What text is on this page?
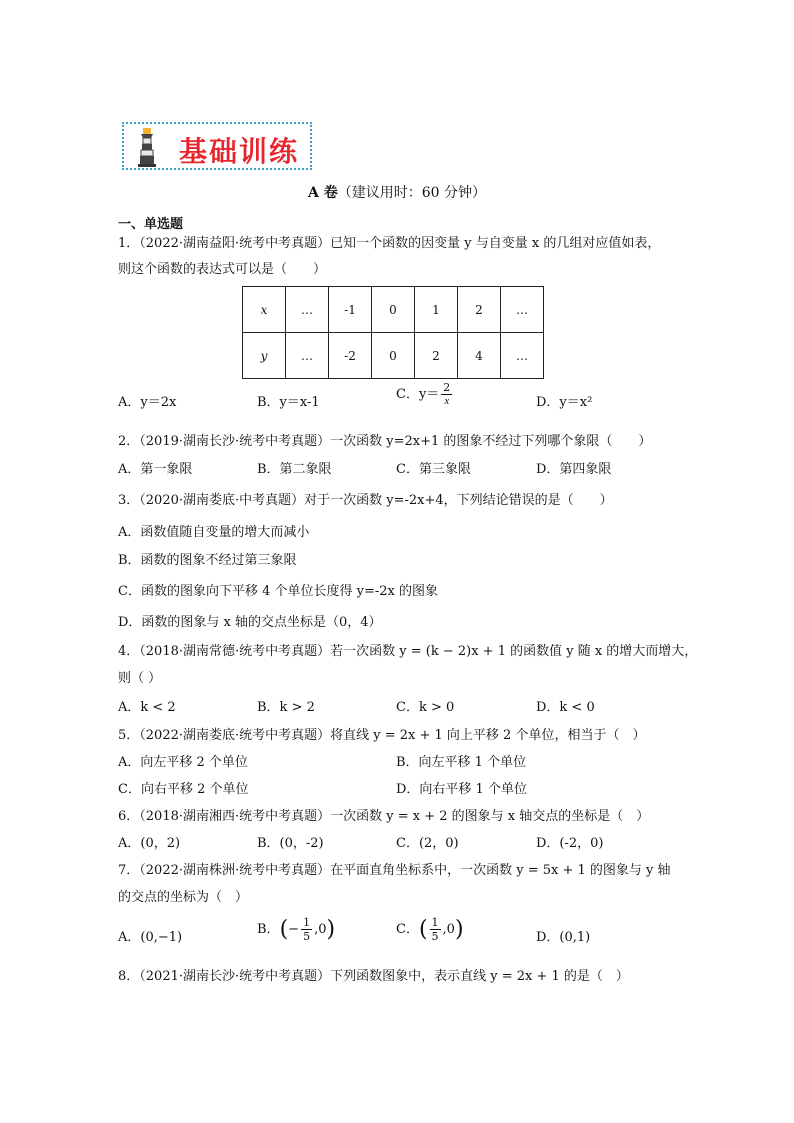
基础训练
A 卷（建议用时：60 分钟）
一、单选题
1．（2022·湖南益阳·统考中考真题）已知一个函数的因变量 y 与自变量 x 的几组对应值如表，
则这个函数的表达式可以是（　　）
x	…	-1	0	1	2	…
y	…	-2	0	2	4	…
A．y＝2x	B．y＝x-1
C．$y= \frac{2}{x}$	D．y＝x²
2．（2019·湖南长沙·统考中考真题）一次函数 y=2x+1 的图象不经过下列哪个象限（　　）
A．第一象限	B．第二象限	C．第三象限	D．第四象限
3．（2020·湖南娄底·中考真题）对于一次函数 y=-2x+4，下列结论错误的是（　　）
A．函数值随自变量的增大而减小
B．函数的图象不经过第三象限
C．函数的图象向下平移 4 个单位长度得 y=-2x 的图象
D．函数的图象与 x 轴的交点坐标是（0，4）
4．（2018·湖南常德·统考中考真题）若一次函数 y = (k − 2)x + 1 的函数值 y 随 x 的增大而增大，
则（ ）
A．k < 2	B．k > 2	C．k > 0	D．k < 0
5．（2022·湖南娄底·统考中考真题）将直线 y = 2x + 1 向上平移 2 个单位，相当于（　）
A．向左平移 2 个单位	B．向左平移 1 个单位
C．向右平移 2 个单位	D．向右平移 1 个单位
6．（2018·湖南湘西·统考中考真题）一次函数 y = x + 2 的图象与 x 轴交点的坐标是（　）
A．(0，2)	B．(0，-2)	C．(2，0)	D．(-2，0)
7．（2022·湖南株洲·统考中考真题）在平面直角坐标系中，一次函数 y = 5x + 1 的图象与 y 轴
的交点的坐标为（　）
A．(0,−1)
B．(− $\frac{1}{5} ,0$)	C．( $\frac{1}{5} ,0$)	D．(0,1)
8．（2021·湖南长沙·统考中考真题）下列函数图象中，表示直线 y = 2x + 1 的是（　）
